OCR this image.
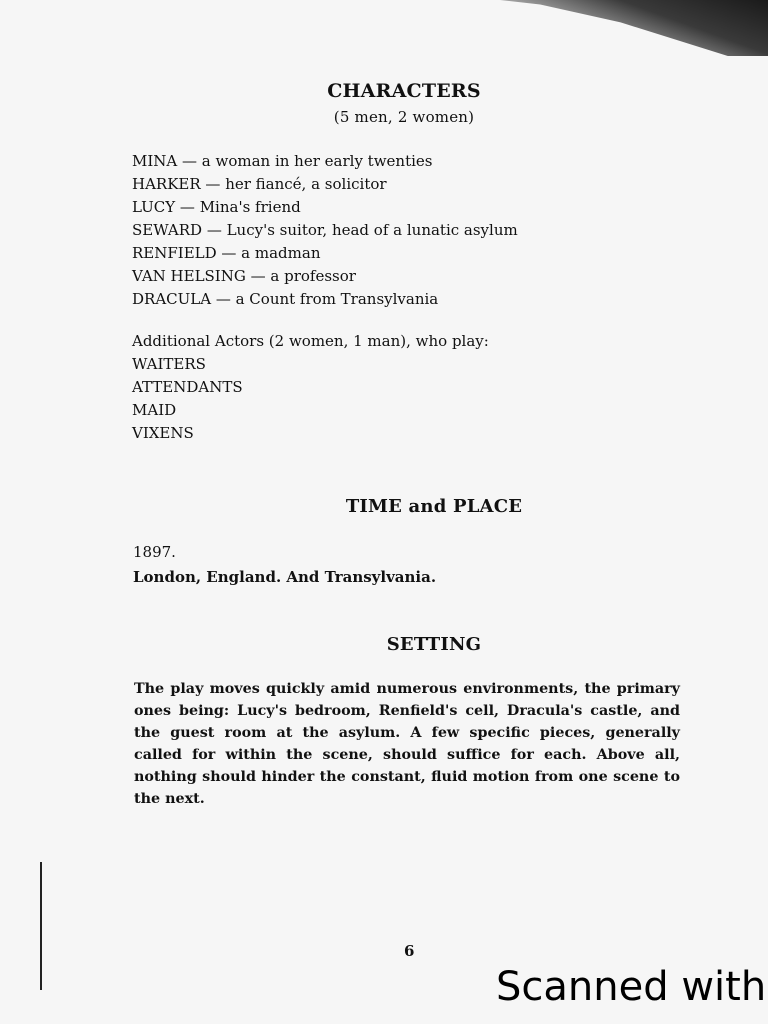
CHARACTERS
(5 men, 2 women)
MINA — a woman in her early twenties
HARKER — her fiancé, a solicitor
LUCY — Mina's friend
SEWARD — Lucy's suitor, head of a lunatic asylum
RENFIELD — a madman
VAN HELSING — a professor
DRACULA — a Count from Transylvania
Additional Actors (2 women, 1 man), who play:
WAITERS
ATTENDANTS
MAID
VIXENS
TIME and PLACE
1897.
London, England. And Transylvania.
SETTING
The play moves quickly amid numerous environments, the primary ones being: Lucy's bedroom, Renfield's cell, Dracula's castle, and the guest room at the asylum. A few specific pieces, generally called for within the scene, should suffice for each. Above all, nothing should hinder the constant, fluid motion from one scene to the next.
6
Scanned with
